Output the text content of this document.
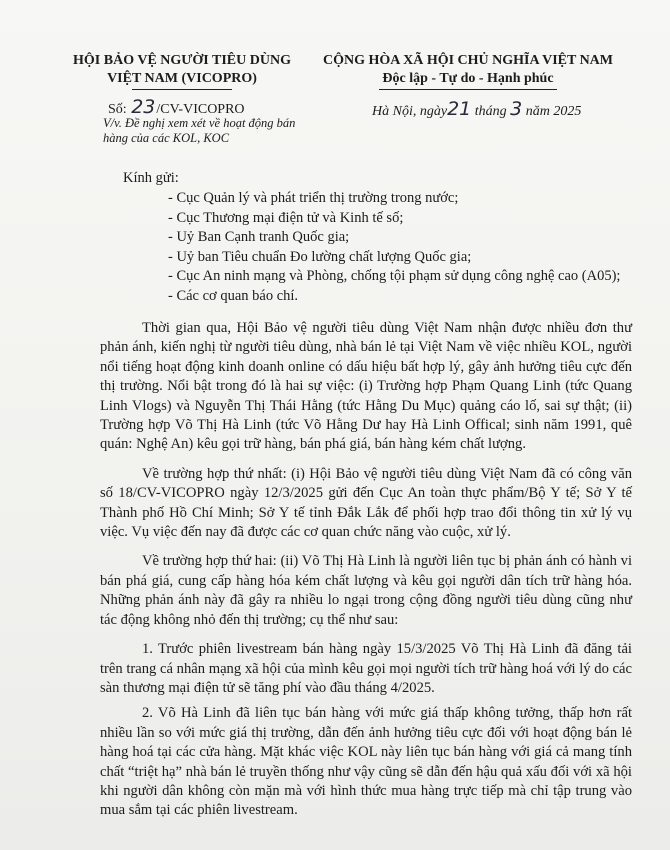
HỘI BẢO VỆ NGƯỜI TIÊU DÙNG
VIỆT NAM (VICOPRO)
CỘNG HÒA XÃ HỘI CHỦ NGHĨA VIỆT NAM
Độc lập - Tự do - Hạnh phúc
Số: 23/CV-VICOPRO
V/v. Đề nghị xem xét về hoạt động bán hàng của các KOL, KOC
Hà Nội, ngày21 tháng 3 năm 2025
Kính gửi:
- Cục Quản lý và phát triển thị trường trong nước;
- Cục Thương mại điện tử và Kinh tế số;
- Uỷ Ban Cạnh tranh Quốc gia;
- Uỷ ban Tiêu chuẩn Đo lường chất lượng Quốc gia;
- Cục An ninh mạng và Phòng, chống tội phạm sử dụng công nghệ cao (A05);
- Các cơ quan báo chí.

Thời gian qua, Hội Bảo vệ người tiêu dùng Việt Nam nhận được nhiều đơn thư phản ánh, kiến nghị từ người tiêu dùng, nhà bán lẻ tại Việt Nam về việc nhiều KOL, người nổi tiếng hoạt động kinh doanh online có dấu hiệu bất hợp lý, gây ảnh hưởng tiêu cực đến thị trường. Nổi bật trong đó là hai sự việc: (i) Trường hợp Phạm Quang Linh (tức Quang Linh Vlogs) và Nguyễn Thị Thái Hằng (tức Hằng Du Mục) quảng cáo lố, sai sự thật; (ii) Trường hợp Võ Thị Hà Linh (tức Võ Hằng Dư hay Hà Linh Offical; sinh năm 1991, quê quán: Nghệ An) kêu gọi trữ hàng, bán phá giá, bán hàng kém chất lượng.

Về trường hợp thứ nhất: (i) Hội Bảo vệ người tiêu dùng Việt Nam đã có công văn số 18/CV-VICOPRO ngày 12/3/2025 gửi đến Cục An toàn thực phẩm/Bộ Y tế; Sở Y tế Thành phố Hồ Chí Minh; Sở Y tế tỉnh Đắk Lắk để phối hợp trao đổi thông tin xử lý vụ việc. Vụ việc đến nay đã được các cơ quan chức năng vào cuộc, xử lý.

Về trường hợp thứ hai: (ii) Võ Thị Hà Linh là người liên tục bị phản ánh có hành vi bán phá giá, cung cấp hàng hóa kém chất lượng và kêu gọi người dân tích trữ hàng hóa. Những phản ánh này đã gây ra nhiều lo ngại trong cộng đồng người tiêu dùng cũng như tác động không nhỏ đến thị trường; cụ thể như sau:

1. Trước phiên livestream bán hàng ngày 15/3/2025 Võ Thị Hà Linh đã đăng tải trên trang cá nhân mạng xã hội của mình kêu gọi mọi người tích trữ hàng hoá với lý do các sàn thương mại điện tử sẽ tăng phí vào đầu tháng 4/2025.

2. Võ Hà Linh đã liên tục bán hàng với mức giá thấp không tưởng, thấp hơn rất nhiều lần so với mức giá thị trường, dẫn đến ảnh hưởng tiêu cực đối với hoạt động bán lẻ hàng hoá tại các cửa hàng. Mặt khác việc KOL này liên tục bán hàng với giá cả mang tính chất “triệt hạ” nhà bán lẻ truyền thống như vậy cũng sẽ dẫn đến hậu quả xấu đối với xã hội khi người dân không còn mặn mà với hình thức mua hàng trực tiếp mà chỉ tập trung vào mua sắm tại các phiên livestream.
